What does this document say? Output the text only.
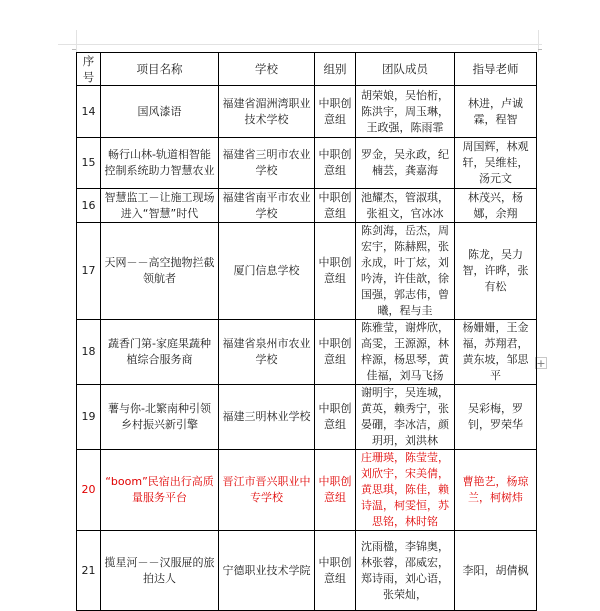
+
序号	项目名称	学校	组别	团队成员	指导老师
14	国风漆语	福建省湄洲湾职业技术学校	中职创意组	胡荣娘，吴怡桁，陈洪宇，周玉琳，王政强，陈雨霏	林进，卢诚霖，程智
15	畅行山林-轨道相智能控制系统助力智慧农业	福建省三明市农业学校	中职创意组	罗金，吴永政，纪楠芸，龚嘉海	周国辉，林观轩，吴维桂，汤元文
16	智慧监工－让施工现场进入“智慧”时代	福建省南平市农业学校	中职创意组	池耀杰，管淑琪，张祖文，官冰冰	林茂兴，杨娜，余翔
17	天网－－高空抛物拦截领航者	厦门信息学校	中职创意组	陈剑海，岳杰，周宏宇，陈赫熙，张永成，叶丁炫，刘吟涛，许佳歆，徐国强，郭志伟，曾曦，程与圭	陈龙，吴力智，许晔，张有松
18	蔬香门第-家庭果蔬种植综合服务商	福建省泉州市农业学校	中职创意组	陈雅莹，谢烨欣，高雯，王源源，林梓源，杨思琴，黄佳福，刘马飞扬	杨姗姗，王金福，苏翔君，黄东坡，邹思平
19	薯与你-北繁南种引领乡村振兴新引擎	福建三明林业学校	中职创意组	谢明宇，吴连城，黄英，赖秀宁，张晏硼，李冰洁，颜玥玥，刘洪林	吴彩梅，罗钊，罗荣华
20	“boom”民宿出行高质量服务平台	晋江市晋兴职业中专学校	中职创意组	庄珊瑛，陈莹莹，刘欣宇，宋美倩，黄思琪，陈佳，赖诗温，柯雯恒，苏思铭，林时铭	曹艳艺，杨琼兰，柯树炜
21	揽星河－－汉服屉的旅拍达人	宁德职业技术学院	中职创意组	沈雨楹，李锦奥，林张蓉，邵威宏，郑诗雨，刘心语，张荣灿，	李阳，胡倩枫
